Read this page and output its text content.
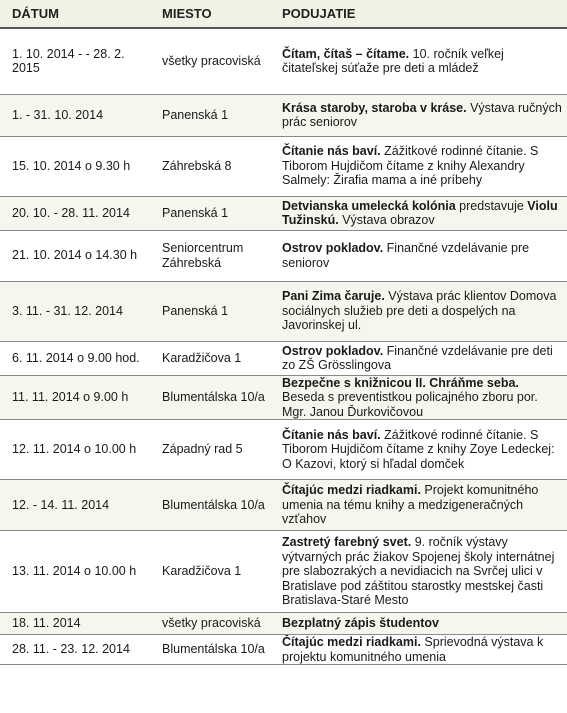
DÁTUM	MIESTO	PODUJATIE
1. 10. 2014 - - 28. 2. 2015	všetky pracoviská	Čítam, čítaš – čítame. 10. ročník veľkej čitateľskej súťaže pre deti a mládež
1. - 31. 10. 2014	Panenská 1	Krása staroby, staroba v kráse. Výstava ručných prác seniorov
15. 10. 2014 o 9.30 h	Záhrebská 8	Čítanie nás baví. Zážitkové rodinné čítanie. S Tiborom Hujdičom čítame z knihy Alexandry Salmely: Žirafia mama a iné príbehy
20. 10. - 28. 11. 2014	Panenská 1	Detvianska umelecká kolónia predstavuje Violu Tužinskú. Výstava obrazov
21. 10. 2014 o 14.30 h	Seniorcentrum Záhrebská	Ostrov pokladov. Finančné vzdelávanie pre seniorov
3. 11. - 31. 12. 2014	Panenská 1	Pani Zima čaruje. Výstava prác klientov Domova sociálnych služieb pre deti a dospelých na Javorinskej ul.
6. 11. 2014 o 9.00 hod.	Karadžičova 1	Ostrov pokladov. Finančné vzdelávanie pre deti zo ZŠ Grösslingova
11. 11. 2014 o 9.00 h	Blumentálska 10/a	Bezpečne s knižnicou II. Chráňme seba. Beseda s preventistkou policajného zboru por. Mgr. Janou Ďurkovičovou
12. 11. 2014 o 10.00 h	Západný rad 5	Čítanie nás baví. Zážitkové rodinné čítanie. S Tiborom Hujdičom čítame z knihy Zoye Ledeckej: O Kazovi, ktorý si hľadal domček
12. - 14. 11. 2014	Blumentálska 10/a	Čítajúc medzi riadkami. Projekt komunitného umenia na tému knihy a medzigeneračných vzťahov
13. 11. 2014 o 10.00 h	Karadžičova 1	Zastretý farebný svet. 9. ročník výstavy výtvarných prác žiakov Spojenej školy internátnej pre slabozrakých a nevidiacich na Svrčej ulici v Bratislave pod záštitou starostky mestskej časti Bratislava-Staré Mesto
18. 11. 2014	všetky pracoviská	Bezplatný zápis študentov
28. 11. - 23. 12. 2014	Blumentálska 10/a	Čítajúc medzi riadkami. Sprievodná výstava k projektu komunitného umenia
